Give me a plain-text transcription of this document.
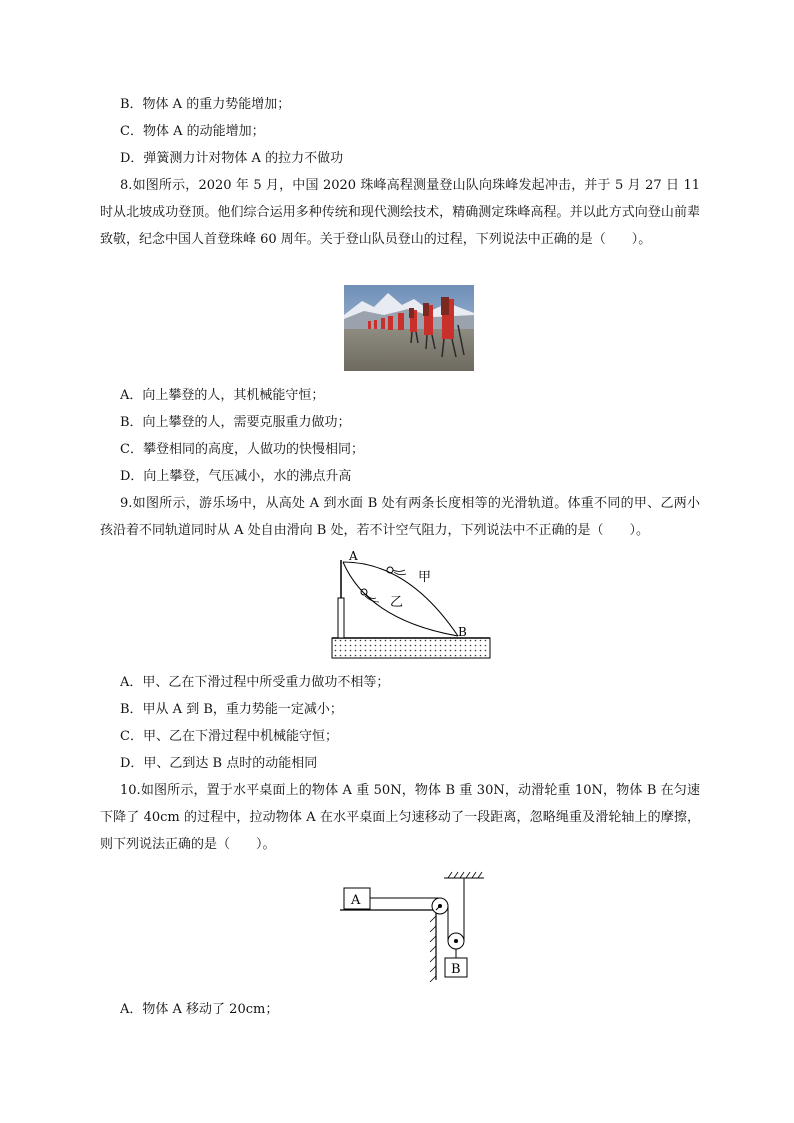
B．物体 A 的重力势能增加；
C．物体 A 的动能增加；
D．弹簧测力计对物体 A 的拉力不做功
8.如图所示，2020 年 5 月，中国 2020 珠峰高程测量登山队向珠峰发起冲击，并于 5 月 27 日 11 时从北坡成功登顶。他们综合运用多种传统和现代测绘技术，精确测定珠峰高程。并以此方式向登山前辈致敬，纪念中国人首登珠峰 60 周年。关于登山队员登山的过程，下列说法中正确的是（　　）。
A．向上攀登的人，其机械能守恒；
B．向上攀登的人，需要克服重力做功；
C．攀登相同的高度，人做功的快慢相同；
D．向上攀登，气压减小，水的沸点升高
9.如图所示，游乐场中，从高处 A 到水面 B 处有两条长度相等的光滑轨道。体重不同的甲、乙两小孩沿着不同轨道同时从 A 处自由滑向 B 处，若不计空气阻力，下列说法中不正确的是（　　）。
A
甲
乙
B
A．甲、乙在下滑过程中所受重力做功不相等；
B．甲从 A 到 B，重力势能一定减小；
C．甲、乙在下滑过程中机械能守恒；
D．甲、乙到达 B 点时的动能相同
10.如图所示，置于水平桌面上的物体 A 重 50N，物体 B 重 30N，动滑轮重 10N，物体 B 在匀速下降了 40cm 的过程中，拉动物体 A 在水平桌面上匀速移动了一段距离，忽略绳重及滑轮轴上的摩擦，则下列说法正确的是（　　）。
A
B
A．物体 A 移动了 20cm；
